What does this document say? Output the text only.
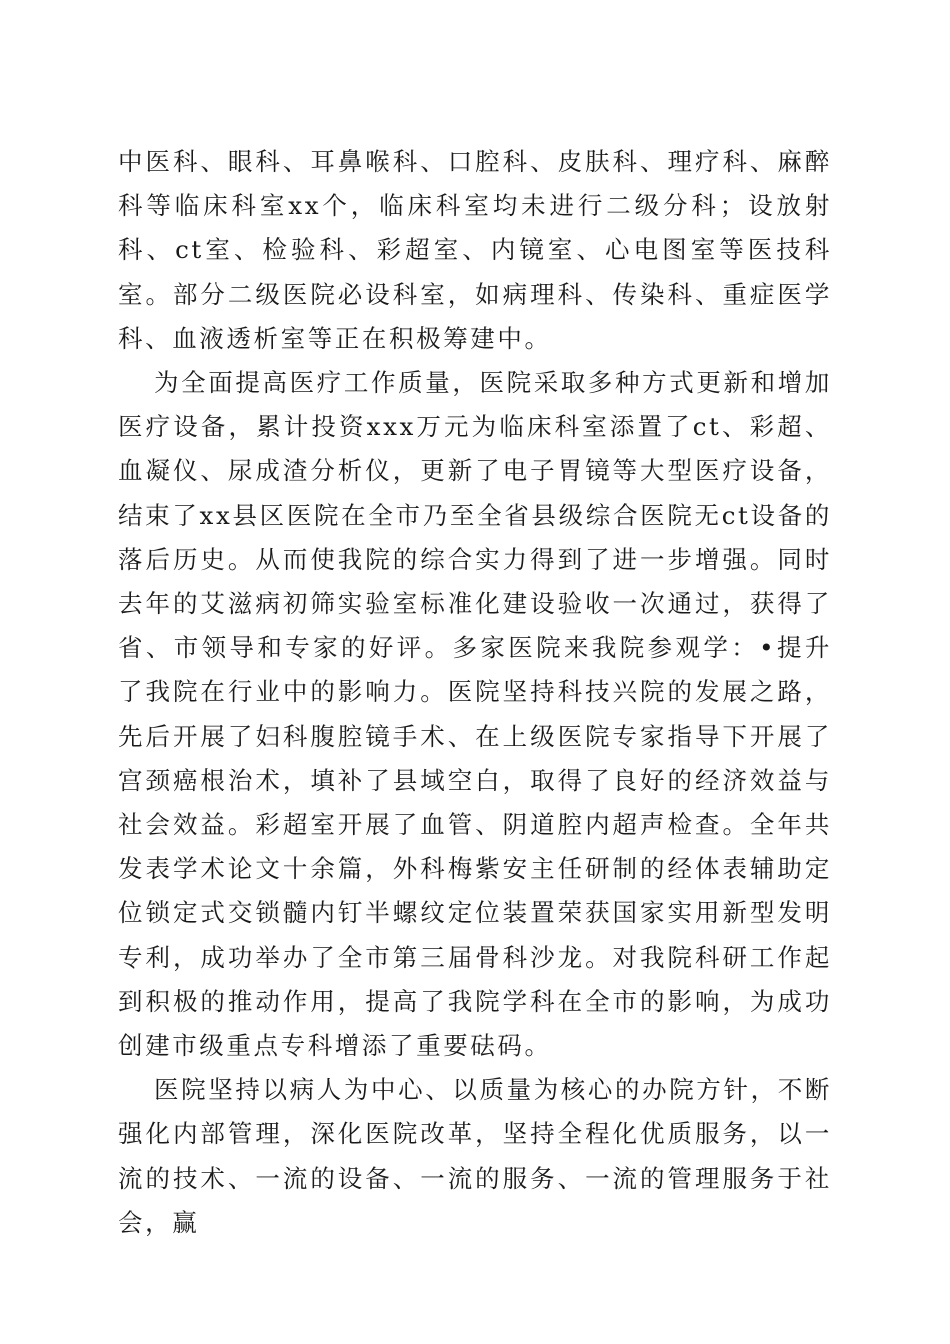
中医科、眼科、耳鼻喉科、口腔科、皮肤科、理疗科、麻醉科等临床科室xx个，临床科室均未进行二级分科；设放射科、ct室、检验科、彩超室、内镜室、心电图室等医技科室。部分二级医院必设科室，如病理科、传染科、重症医学科、血液透析室等正在积极筹建中。

为全面提高医疗工作质量，医院采取多种方式更新和增加医疗设备，累计投资xxx万元为临床科室添置了ct、彩超、血凝仪、尿成渣分析仪，更新了电子胃镜等大型医疗设备，结束了xx县区医院在全市乃至全省县级综合医院无ct设备的落后历史。从而使我院的综合实力得到了进一步增强。同时去年的艾滋病初筛实验室标准化建设验收一次通过，获得了省、市领导和专家的好评。多家医院来我院参观学：•提升了我院在行业中的影响力。医院坚持科技兴院的发展之路，先后开展了妇科腹腔镜手术、在上级医院专家指导下开展了宫颈癌根治术，填补了县域空白，取得了良好的经济效益与社会效益。彩超室开展了血管、阴道腔内超声检查。全年共发表学术论文十余篇，外科梅紫安主任研制的经体表辅助定位锁定式交锁髓内钉半螺纹定位装置荣获国家实用新型发明专利，成功举办了全市第三届骨科沙龙。对我院科研工作起到积极的推动作用，提高了我院学科在全市的影响，为成功创建市级重点专科增添了重要砝码。

医院坚持以病人为中心、以质量为核心的办院方针，不断强化内部管理，深化医院改革，坚持全程化优质服务，以一流的技术、一流的设备、一流的服务、一流的管理服务于社会，赢
